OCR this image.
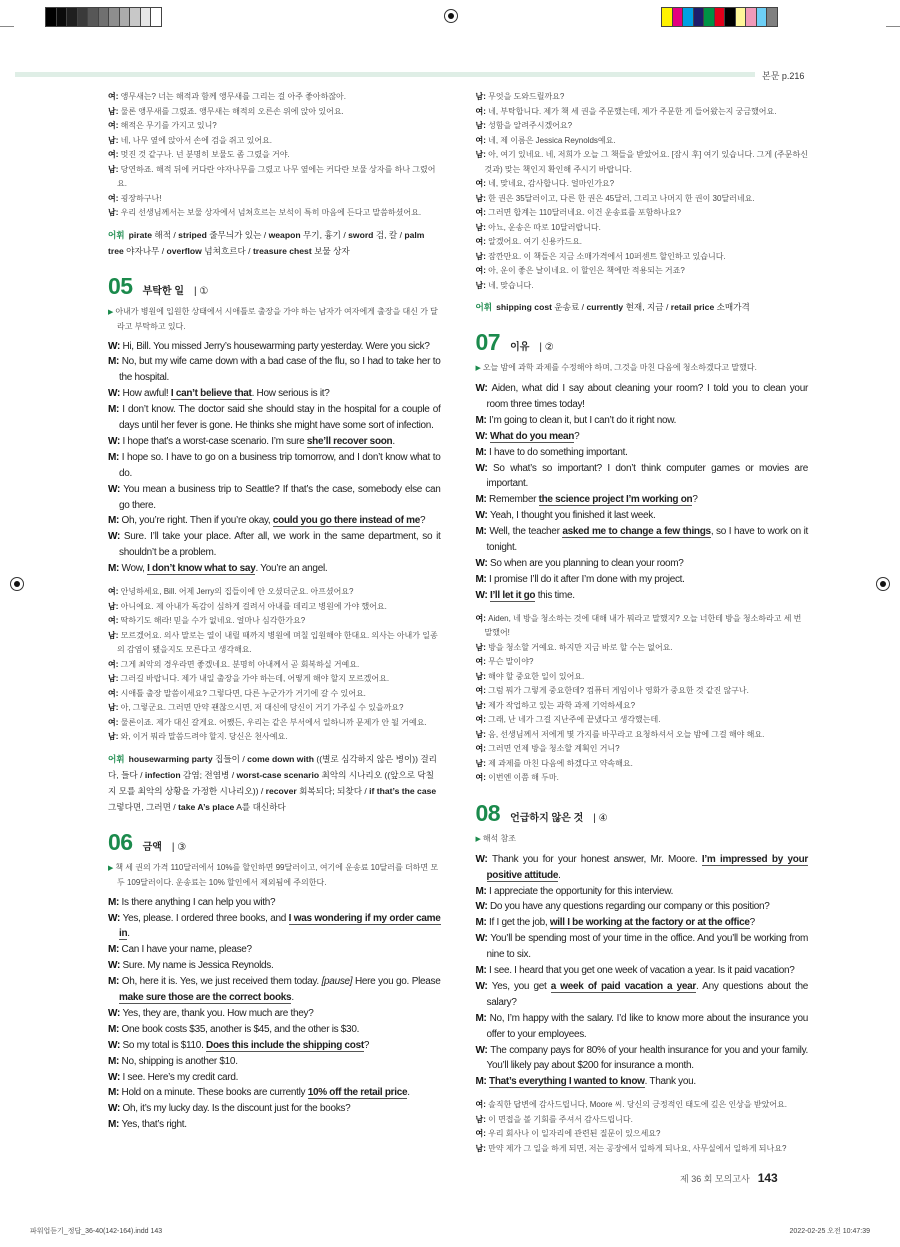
본문 p.216
여: 앵무새는? 너는 해적과 함께 앵무새를 그리는 걸 아주 좋아하잖아.
남: 물론 앵무새를 그렸죠. 앵무새는 해적의 오른손 위에 앉아 있어요.
여: 해적은 무기를 가지고 있니?
남: 네, 나무 옆에 앉아서 손에 검을 쥐고 있어요.
여: 멋진 것 같구나. 넌 분명히 보물도 좀 그렸을 거야.
남: 당연하죠. 해적 뒤에 커다란 야자나무를 그렸고 나무 옆에는 커다란 보물 상자를 하나 그렸어요.
여: 굉장하구나!
남: 우리 선생님께서는 보물 상자에서 넘쳐흐르는 보석이 특히 마음에 든다고 말씀하셨어요.
어휘 pirate 해적 / striped 줄무늬가 있는 / weapon 무기, 흉기 / sword 검, 칼 / palm tree 야자나무 / overflow 넘쳐흐르다 / treasure chest 보물 상자
05 부탁한 일 | ①
▶ 아내가 병원에 입원한 상태에서 시애틀로 출장을 가야 하는 남자가 여자에게 출장을 대신 가 달라고 부탁하고 있다.
W: Hi, Bill. You missed Jerry’s housewarming party yesterday. Were you sick?
M: No, but my wife came down with a bad case of the flu, so I had to take her to the hospital.
W: How awful! I can’t believe that. How serious is it?
M: I don’t know. The doctor said she should stay in the hospital for a couple of days until her fever is gone. He thinks she might have some sort of infection.
W: I hope that’s a worst-case scenario. I’m sure she’ll recover soon.
M: I hope so. I have to go on a business trip tomorrow, and I don’t know what to do.
W: You mean a business trip to Seattle? If that’s the case, somebody else can go there.
M: Oh, you’re right. Then if you’re okay, could you go there instead of me?
W: Sure. I’ll take your place. After all, we work in the same department, so it shouldn’t be a problem.
M: Wow, I don’t know what to say. You’re an angel.
여: 안녕하세요, Bill. 어제 Jerry의 집들이에 안 오셨더군요. 아프셨어요?
남: 아니에요. 제 아내가 독감이 심하게 걸려서 아내를 데리고 병원에 가야 했어요.
여: 딱하기도 해라! 믿을 수가 없네요. 얼마나 심각한가요?
남: 모르겠어요. 의사 말로는 열이 내릴 때까지 병원에 며칠 입원해야 한대요. 의사는 아내가 일종의 감염이 됐을지도 모른다고 생각해요.
여: 그게 최악의 경우라면 좋겠네요. 분명히 아내께서 곧 회복하실 거예요.
남: 그러길 바랍니다. 제가 내일 출장을 가야 하는데, 어떻게 해야 할지 모르겠어요.
여: 시애틀 출장 말씀이세요? 그렇다면, 다른 누군가가 거기에 갈 수 있어요.
남: 아, 그렇군요. 그러면 만약 괜찮으시면, 저 대신에 당신이 거기 가주실 수 있을까요?
여: 물론이죠. 제가 대신 갈게요. 어쨌든, 우리는 같은 부서에서 일하니까 문제가 안 될 거예요.
남: 와, 이거 뭐라 말씀드려야 할지. 당신은 천사예요.
어휘 housewarming party 집들이 / come down with ((별로 심각하지 않은 병이)) 걸리다, 들다 / infection 감염; 전염병 / worst-case scenario 최악의 시나리오 ((앞으로 닥칠지 모를 최악의 상황을 가정한 시나리오)) / recover 회복되다; 되찾다 / if that’s the case 그렇다면, 그러면 / take A’s place A를 대신하다
06 금액 | ③
▶ 책 세 권의 가격 110달러에서 10%를 할인하면 99달러이고, 여기에 운송료 10달러를 더하면 모두 109달러이다. 운송료는 10% 할인에서 제외됨에 주의한다.
M: Is there anything I can help you with?
W: Yes, please. I ordered three books, and I was wondering if my order came in.
M: Can I have your name, please?
W: Sure. My name is Jessica Reynolds.
M: Oh, here it is. Yes, we just received them today. [pause] Here you go. Please make sure those are the correct books.
W: Yes, they are, thank you. How much are they?
M: One book costs $35, another is $45, and the other is $30.
W: So my total is $110. Does this include the shipping cost?
M: No, shipping is another $10.
W: I see. Here’s my credit card.
M: Hold on a minute. These books are currently 10% off the retail price.
W: Oh, it’s my lucky day. Is the discount just for the books?
M: Yes, that’s right.
남: 무엇을 도와드릴까요?
여: 네, 부탁합니다. 제가 책 세 권을 주문했는데, 제가 주문한 게 들어왔는지 궁금했어요.
남: 성함을 알려주시겠어요?
여: 네, 제 이름은 Jessica Reynolds예요.
남: 아, 여기 있네요. 네, 저희가 오늘 그 책들을 받았어요. [잠시 후] 여기 있습니다. 그게 (주문하신 것과) 맞는 책인지 확인해 주시기 바랍니다.
여: 네, 맞네요, 감사합니다. 얼마인가요?
남: 한 권은 35달러이고, 다른 한 권은 45달러, 그리고 나머지 한 권이 30달러네요.
여: 그러면 합계는 110달러네요. 이건 운송료를 포함하나요?
남: 아뇨, 운송은 따로 10달러랍니다.
여: 알겠어요. 여기 신용카드요.
남: 잠깐만요. 이 책들은 지금 소매가격에서 10퍼센트 할인하고 있습니다.
여: 아, 운이 좋은 날이네요. 이 할인은 책에만 적용되는 거죠?
남: 네, 맞습니다.
어휘 shipping cost 운송료 / currently 현재, 지금 / retail price 소매가격
07 이유 | ②
▶ 오늘 밤에 과학 과제를 수정해야 하며, 그것을 마친 다음에 청소하겠다고 말했다.
W: Aiden, what did I say about cleaning your room? I told you to clean your room three times today!
M: I’m going to clean it, but I can’t do it right now.
W: What do you mean?
M: I have to do something important.
W: So what’s so important? I don’t think computer games or movies are important.
M: Remember the science project I’m working on?
W: Yeah, I thought you finished it last week.
M: Well, the teacher asked me to change a few things, so I have to work on it tonight.
W: So when are you planning to clean your room?
M: I promise I’ll do it after I’m done with my project.
W: I’ll let it go this time.
여: Aiden, 네 방을 청소하는 것에 대해 내가 뭐라고 말했지? 오늘 너한테 방을 청소하라고 세 번 말했어!
남: 방을 청소할 거예요. 하지만 지금 바로 할 수는 없어요.
여: 무슨 말이야?
남: 해야 할 중요한 일이 있어요.
여: 그럼 뭐가 그렇게 중요한데? 컴퓨터 게임이나 영화가 중요한 것 같진 않구나.
남: 제가 작업하고 있는 과학 과제 기억하세요?
여: 그래, 난 네가 그걸 지난주에 끝냈다고 생각했는데.
남: 음, 선생님께서 저에게 몇 가지를 바꾸라고 요청하셔서 오늘 밤에 그걸 해야 해요.
여: 그러면 언제 방을 청소할 계획인 거니?
남: 제 과제를 마친 다음에 하겠다고 약속해요.
여: 이번엔 이쯤 해 두마.
08 언급하지 않은 것 | ④
▶ 해석 참조
W: Thank you for your honest answer, Mr. Moore. I’m impressed by your positive attitude.
M: I appreciate the opportunity for this interview.
W: Do you have any questions regarding our company or this position?
M: If I get the job, will I be working at the factory or at the office?
W: You’ll be spending most of your time in the office. And you’ll be working from nine to six.
M: I see. I heard that you get one week of vacation a year. Is it paid vacation?
W: Yes, you get a week of paid vacation a year. Any questions about the salary?
M: No, I’m happy with the salary. I’d like to know more about the insurance you offer to your employees.
W: The company pays for 80% of your health insurance for you and your family. You’ll likely pay about $200 for insurance a month.
M: That’s everything I wanted to know. Thank you.
여: 솔직한 답변에 감사드립니다, Moore 씨. 당신의 긍정적인 태도에 깊은 인상을 받았어요.
남: 이 면접을 볼 기회를 주셔서 감사드립니다.
여: 우리 회사나 이 일자리에 관련된 질문이 있으세요?
남: 만약 제가 그 일을 하게 되면, 저는 공장에서 일하게 되나요, 사무실에서 일하게 되나요?
제 36 회 모의고사 143
파워업듣기_정답_36-40(142-164).indd 143	2022-02-25 오전 10:47:39
